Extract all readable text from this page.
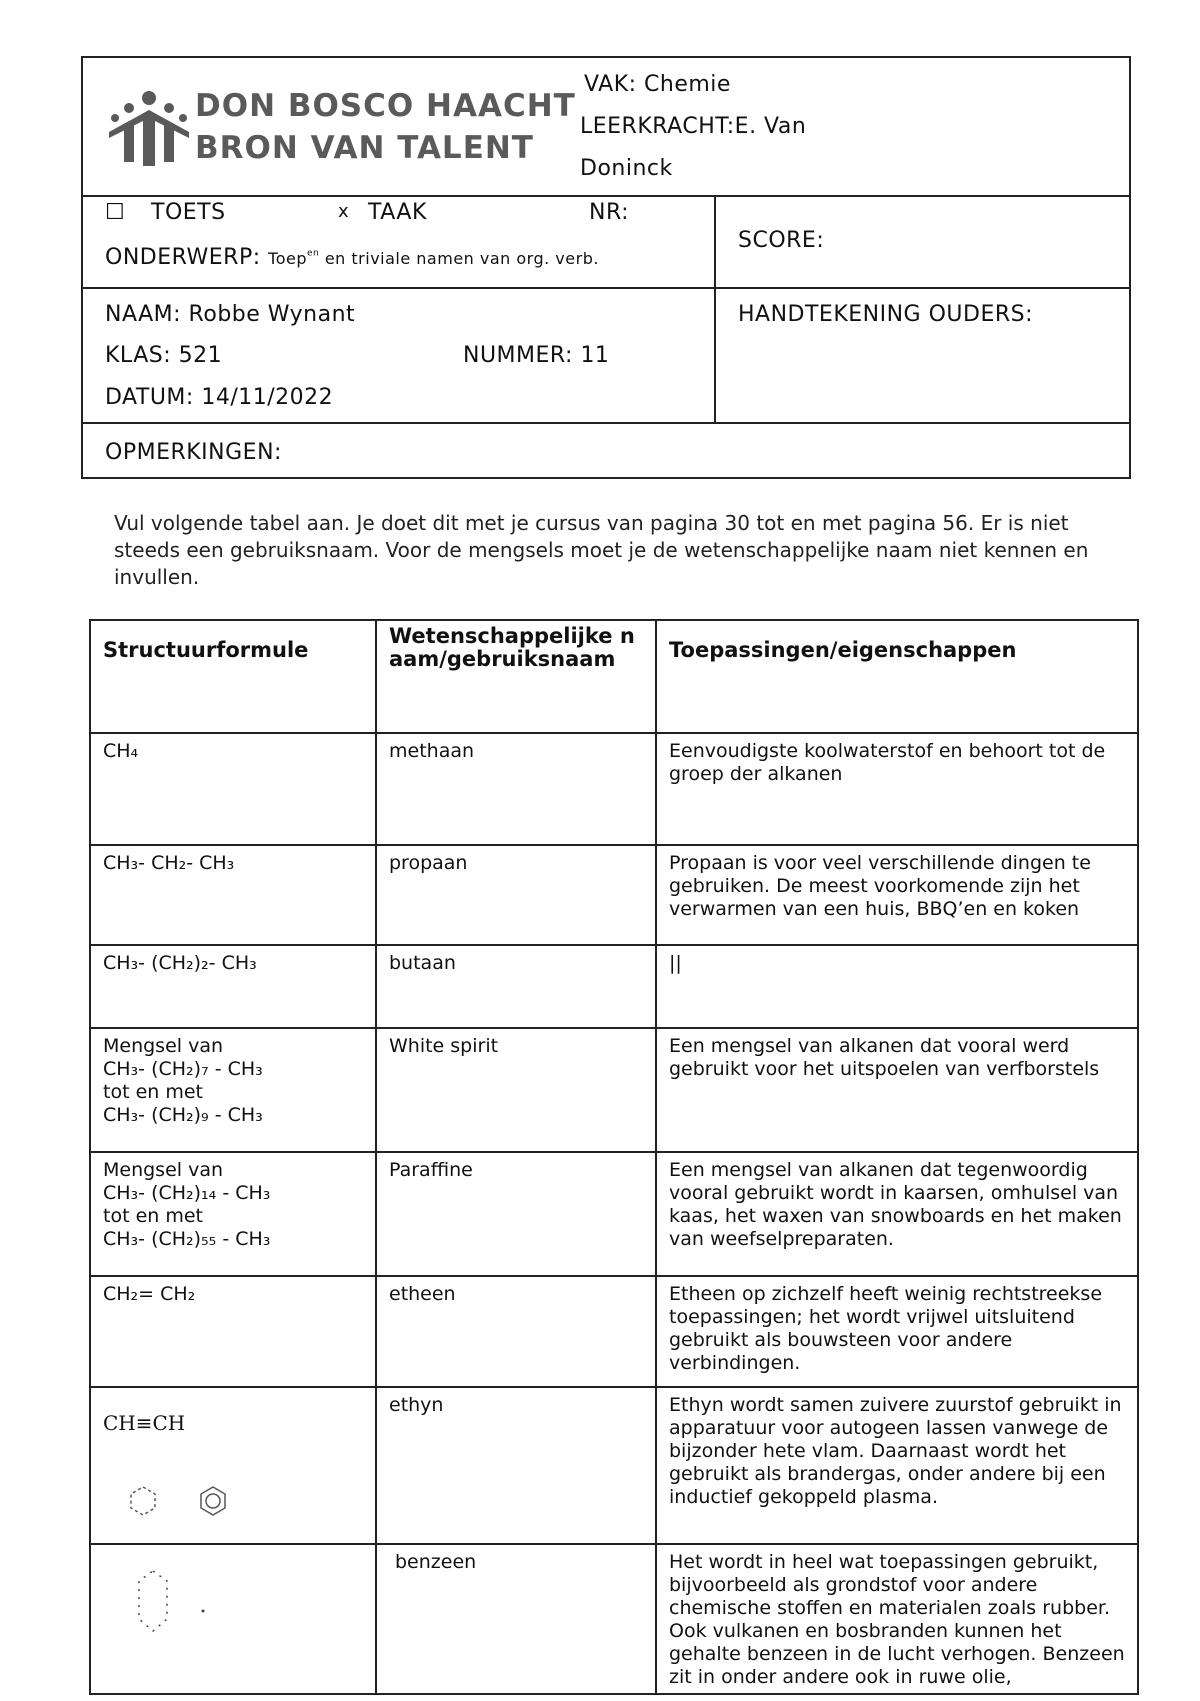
DON BOSCO HAACHT
BRON VAN TALENT
VAK: Chemie
LEERKRACHT:E. Van
Doninck
☐ TOETS	x TAAK	NR:
ONDERWERP: Toep$^{en}$ en triviale namen van org. verb.
SCORE:
NAAM: Robbe Wynant
KLAS: 521	NUMMER: 11
DATUM: 14/11/2022
HANDTEKENING OUDERS:
OPMERKINGEN:
Vul volgende tabel aan. Je doet dit met je cursus van pagina 30 tot en met pagina 56. Er is niet steeds een gebruiksnaam. Voor de mengsels moet je de wetenschappelijke naam niet kennen en invullen.
Structuurformule	Wetenschappelijke naam/gebruiksnaam	Toepassingen/eigenschappen
CH₄	methaan	Eenvoudigste koolwaterstof en behoort tot de groep der alkanen
CH₃- CH₂- CH₃	propaan	Propaan is voor veel verschillende dingen te gebruiken. De meest voorkomende zijn het verwarmen van een huis, BBQ’en en koken
CH₃- (CH₂)₂- CH₃	butaan	||

Mengsel van
CH₃- (CH₂)₇ - CH₃
tot en met
CH₃- (CH₂)₉ - CH₃	White spirit	Een mengsel van alkanen dat vooral werd gebruikt voor het uitspoelen van verfborstels

Mengsel van
CH₃- (CH₂)₁₄ - CH₃
tot en met
CH₃- (CH₂)₅₅ - CH₃	Paraffine	Een mengsel van alkanen dat tegenwoordig vooral gebruikt wordt in kaarsen, omhulsel van kaas, het waxen van snowboards en het maken van weefselpreparaten.
CH₂= CH₂	etheen	Etheen op zichzelf heeft weinig rechtstreekse toepassingen; het wordt vrijwel uitsluitend gebruikt als bouwsteen voor andere verbindingen.

CH≡CH	ethyn	Ethyn wordt samen zuivere zuurstof gebruikt in apparatuur voor autogeen lassen vanwege de bijzonder hete vlam. Daarnaast wordt het gebruikt als brandergas, onder andere bij een inductief gekoppeld plasma.
	benzeen	Het wordt in heel wat toepassingen gebruikt, bijvoorbeeld als grondstof voor andere chemische stoffen en materialen zoals rubber. Ook vulkanen en bosbranden kunnen het gehalte benzeen in de lucht verhogen. Benzeen zit in onder andere ook in ruwe olie,
